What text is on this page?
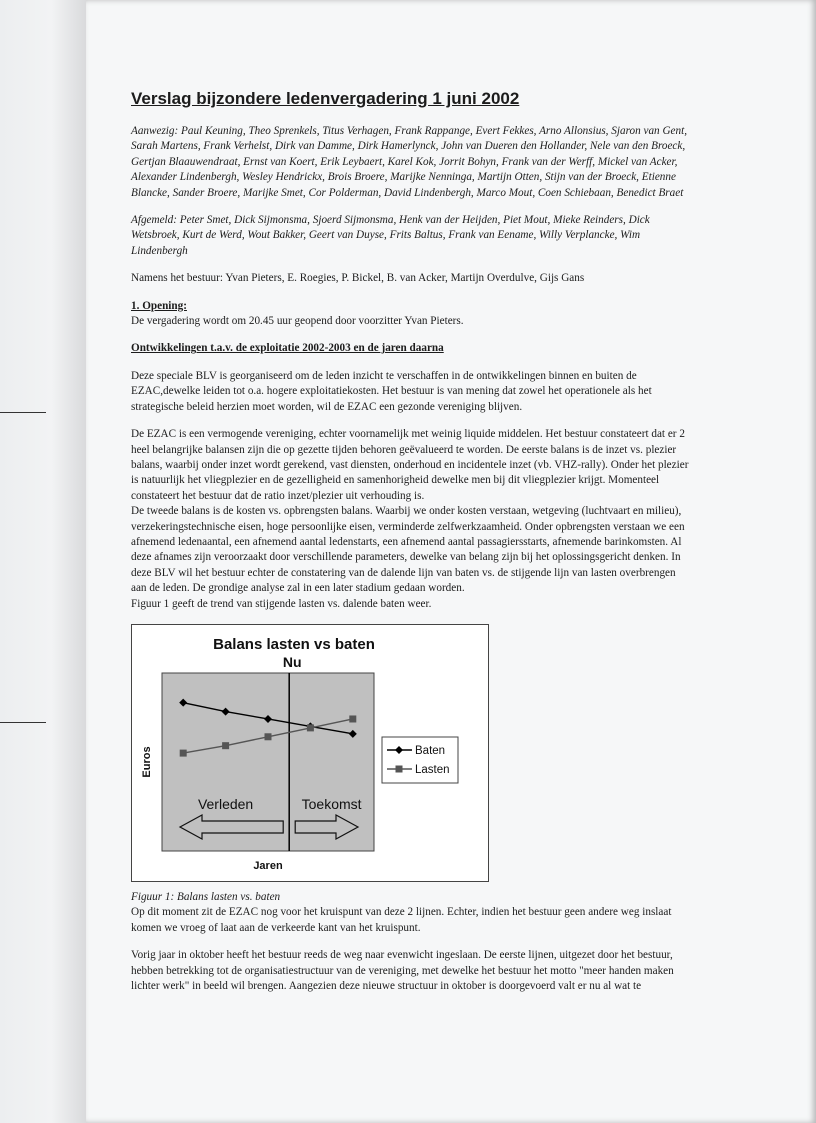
Verslag bijzondere ledenvergadering 1 juni 2002

Aanwezig: Paul Keuning, Theo Sprenkels, Titus Verhagen, Frank Rappange, Evert Fekkes, Arno Allonsius, Sjaron van Gent, Sarah Martens, Frank Verhelst, Dirk van Damme, Dirk Hamerlynck, John van Dueren den Hollander, Nele van den Broeck, Gertjan Blaauwendraat, Ernst van Koert, Erik Leybaert, Karel Kok, Jorrit Bohyn, Frank van der Werff, Mickel van Acker, Alexander Lindenbergh, Wesley Hendrickx, Brois Broere, Marijke Nenninga, Martijn Otten, Stijn van der Broeck, Etienne Blancke, Sander Broere, Marijke Smet, Cor Polderman, David Lindenbergh, Marco Mout, Coen Schiebaan, Benedict Braet

Afgemeld: Peter Smet, Dick Sijmonsma, Sjoerd Sijmonsma, Henk van der Heijden, Piet Mout, Mieke Reinders, Dick Wetsbroek, Kurt de Werd, Wout Bakker, Geert van Duyse, Frits Baltus, Frank van Eename, Willy Verplancke, Wim Lindenbergh

Namens het bestuur: Yvan Pieters, E. Roegies, P. Bickel, B. van Acker, Martijn Overdulve, Gijs Gans

1. Opening:

De vergadering wordt om 20.45 uur geopend door voorzitter Yvan Pieters.

Ontwikkelingen t.a.v. de exploitatie 2002-2003 en de jaren daarna

Deze speciale BLV is georganiseerd om de leden inzicht te verschaffen in de ontwikkelingen binnen en buiten de EZAC,dewelke leiden tot o.a. hogere exploitatiekosten. Het bestuur is van mening dat zowel het operationele als het strategische beleid herzien moet worden, wil de EZAC een gezonde vereniging blijven.

De EZAC is een vermogende vereniging, echter voornamelijk met weinig liquide middelen. Het bestuur constateert dat er 2 heel belangrijke balansen zijn die op gezette tijden behoren geëvalueerd te worden. De eerste balans is de inzet vs. plezier balans, waarbij onder inzet wordt gerekend, vast diensten, onderhoud en incidentele inzet (vb. VHZ-rally). Onder het plezier is natuurlijk het vliegplezier en de gezelligheid en samenhorigheid dewelke men bij dit vliegplezier krijgt. Momenteel constateert het bestuur dat de ratio inzet/plezier uit verhouding is.

De tweede balans is de kosten vs. opbrengsten balans. Waarbij we onder kosten verstaan, wetgeving (luchtvaart en milieu), verzekeringstechnische eisen, hoge persoonlijke eisen, verminderde zelfwerkzaamheid. Onder opbrengsten verstaan we een afnemend ledenaantal, een afnemend aantal ledenstarts, een afnemend aantal passagiersstarts, afnemende barinkomsten. Al deze afnames zijn veroorzaakt door verschillende parameters, dewelke van belang zijn bij het oplossingsgericht denken. In deze BLV wil het bestuur echter de constatering van de dalende lijn van baten vs. de stijgende lijn van lasten overbrengen aan de leden. De grondige analyse zal in een later stadium gedaan worden.

Figuur 1 geeft de trend van stijgende lasten vs. dalende baten weer.

Balans lasten vs baten
Nu
Verleden	Toekomst
Jaren
Euros	Baten
Lasten

Figuur 1: Balans lasten vs. baten

Op dit moment zit de EZAC nog voor het kruispunt van deze 2 lijnen. Echter, indien het bestuur geen andere weg inslaat komen we vroeg of laat aan de verkeerde kant van het kruispunt.

Vorig jaar in oktober heeft het bestuur reeds de weg naar evenwicht ingeslaan. De eerste lijnen, uitgezet door het bestuur, hebben betrekking tot de organisatiestructuur van de vereniging, met dewelke het bestuur het motto "meer handen maken lichter werk" in beeld wil brengen. Aangezien deze nieuwe structuur in oktober is doorgevoerd valt er nu al wat te
